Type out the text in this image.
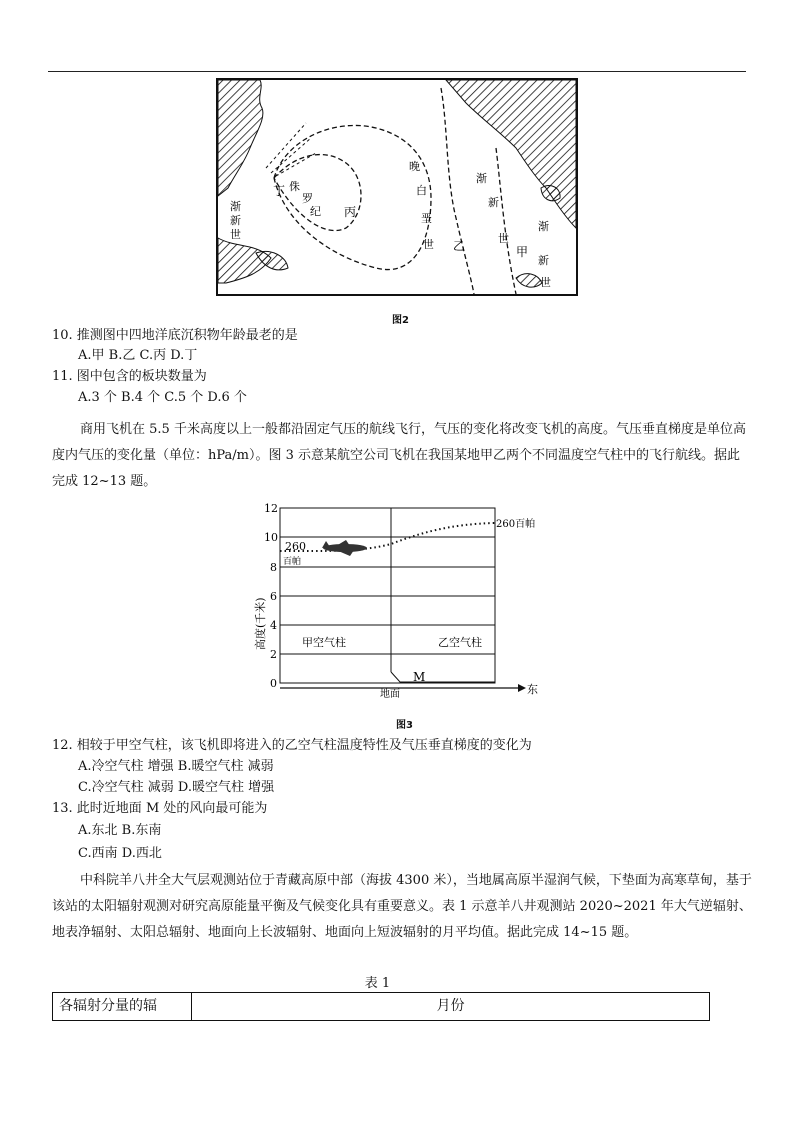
丁 侏
罗
纪 丙
晚
白
垩
世 乙
渐
新
世
甲
渐
新
世
渐
新
世
图2
10. 推测图中四地洋底沉积物年龄最老的是
A.甲 B.乙 C.丙 D.丁
11. 图中包含的板块数量为
A.3 个 B.4 个 C.5 个 D.6 个

商用飞机在 5.5 千米高度以上一般都沿固定气压的航线飞行，气压的变化将改变飞机的高度。气压垂直梯度是单位高度内气压的变化量（单位：hPa/m）。图 3 示意某航空公司飞机在我国某地甲乙两个不同温度空气柱中的飞行航线。据此完成 12~13 题。

高度(千米)
12
10
8
6
4
2
0	东
M
地面
260
百帕
260百帕
甲空气柱	乙空气柱
图3
12. 相较于甲空气柱，该飞机即将进入的乙空气柱温度特性及气压垂直梯度的变化为
A.冷空气柱 增强 B.暖空气柱 减弱
C.冷空气柱 减弱 D.暖空气柱 增强
13. 此时近地面 M 处的风向最可能为
A.东北 B.东南
C.西南 D.西北

中科院羊八井全大气层观测站位于青藏高原中部（海拔 4300 米），当地属高原半湿润气候，下垫面为高寒草甸，基于该站的太阳辐射观测对研究高原能量平衡及气候变化具有重要意义。表 1 示意羊八井观测站 2020~2021 年大气逆辐射、地表净辐射、太阳总辐射、地面向上长波辐射、地面向上短波辐射的月平均值。据此完成 14~15 题。

表 1
各辐射分量的辐	月份
